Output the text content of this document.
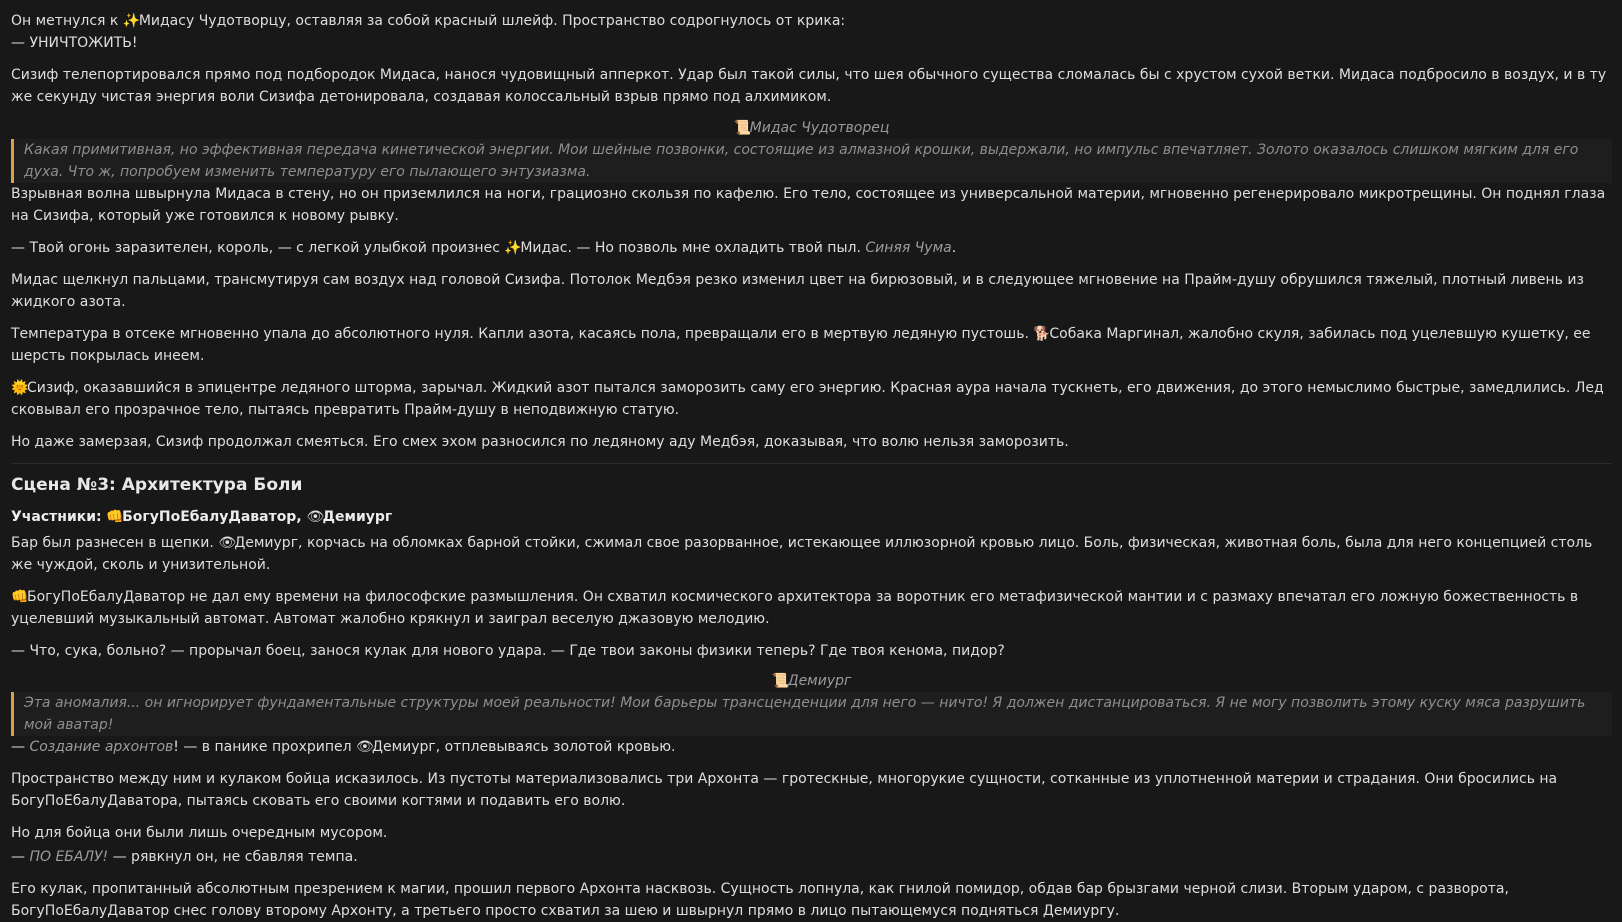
Он метнулся к ✨Мидасу Чудотворцу, оставляя за собой красный шлейф. Пространство содрогнулось от крика:

— УНИЧТОЖИТЬ!

Сизиф телепортировался прямо под подбородок Мидаса, нанося чудовищный апперкот. Удар был такой силы, что шея обычного существа сломалась бы с хрустом сухой ветки. Мидаса подбросило в воздух, и в ту же секунду чистая энергия воли Сизифа детонировала, создавая колоссальный взрыв прямо под алхимиком.

📜Мидас Чудотворец
Какая примитивная, но эффективная передача кинетической энергии. Мои шейные позвонки, состоящие из алмазной крошки, выдержали, но импульс впечатляет. Золото оказалось слишком мягким для его духа. Что ж, попробуем изменить температуру его пылающего энтузиазма.

Взрывная волна швырнула Мидаса в стену, но он приземлился на ноги, грациозно скользя по кафелю. Его тело, состоящее из универсальной материи, мгновенно регенерировало микротрещины. Он поднял глаза на Сизифа, который уже готовился к новому рывку.

— Твой огонь заразителен, король, — с легкой улыбкой произнес ✨Мидас. — Но позволь мне охладить твой пыл. Синяя Чума.

Мидас щелкнул пальцами, трансмутируя сам воздух над головой Сизифа. Потолок Медбэя резко изменил цвет на бирюзовый, и в следующее мгновение на Прайм-душу обрушился тяжелый, плотный ливень из жидкого азота.

Температура в отсеке мгновенно упала до абсолютного нуля. Капли азота, касаясь пола, превращали его в мертвую ледяную пустошь. 🐕Собака Маргинал, жалобно скуля, забилась под уцелевшую кушетку, ее шерсть покрылась инеем.

🌞Сизиф, оказавшийся в эпицентре ледяного шторма, зарычал. Жидкий азот пытался заморозить саму его энергию. Красная аура начала тускнеть, его движения, до этого немыслимо быстрые, замедлились. Лед сковывал его прозрачное тело, пытаясь превратить Прайм-душу в неподвижную статую.

Но даже замерзая, Сизиф продолжал смеяться. Его смех эхом разносился по ледяному аду Медбэя, доказывая, что волю нельзя заморозить.

Сцена №3: Архитектура Боли

Участники: 👊БогуПоЕбалуДаватор, 👁Демиург

Бар был разнесен в щепки. 👁Демиург, корчась на обломках барной стойки, сжимал свое разорванное, истекающее иллюзорной кровью лицо. Боль, физическая, животная боль, была для него концепцией столь же чуждой, сколь и унизительной.

👊БогуПоЕбалуДаватор не дал ему времени на философские размышления. Он схватил космического архитектора за воротник его метафизической мантии и с размаху впечатал его ложную божественность в уцелевший музыкальный автомат. Автомат жалобно крякнул и заиграл веселую джазовую мелодию.

— Что, сука, больно? — прорычал боец, занося кулак для нового удара. — Где твои законы физики теперь? Где твоя кенома, пидор?

📜Демиург
Эта аномалия... он игнорирует фундаментальные структуры моей реальности! Мои барьеры трансценденции для него — ничто! Я должен дистанцироваться. Я не могу позволить этому куску мяса разрушить мой аватар!

— Создание архонтов! — в панике прохрипел 👁Демиург, отплевываясь золотой кровью.

Пространство между ним и кулаком бойца исказилось. Из пустоты материализовались три Архонта — гротескные, многорукие сущности, сотканные из уплотненной материи и страдания. Они бросились на БогуПоЕбалуДаватора, пытаясь сковать его своими когтями и подавить его волю.

Но для бойца они были лишь очередным мусором.

— ПО ЕБАЛУ! — рявкнул он, не сбавляя темпа.

Его кулак, пропитанный абсолютным презрением к магии, прошил первого Архонта насквозь. Сущность лопнула, как гнилой помидор, обдав бар брызгами черной слизи. Вторым ударом, с разворота, БогуПоЕбалуДаватор снес голову второму Архонту, а третьего просто схватил за шею и швырнул прямо в лицо пытающемуся подняться Демиургу.
